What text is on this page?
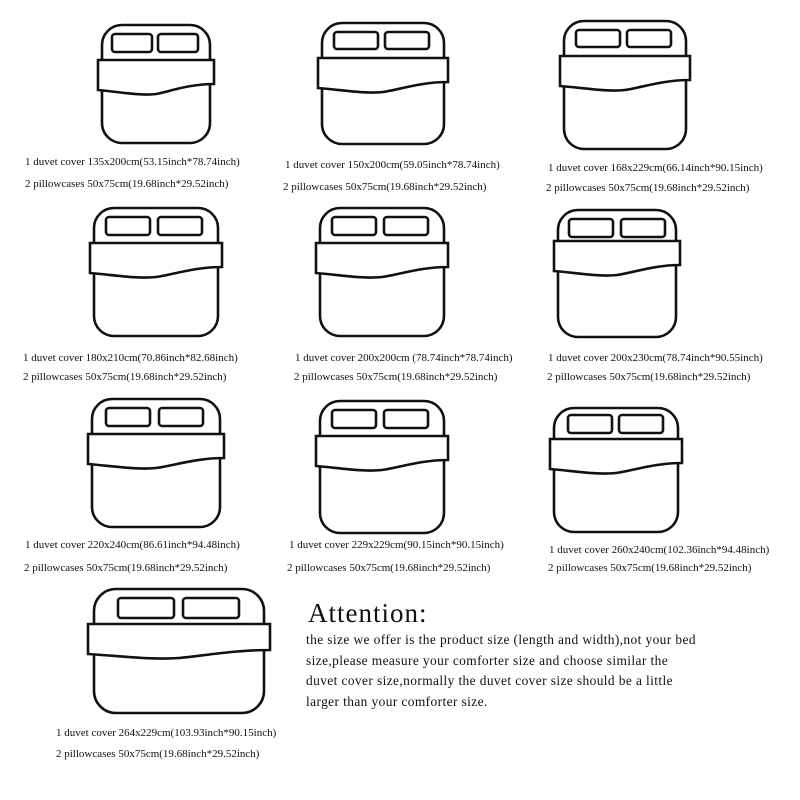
1 duvet cover 135x200cm(53.15inch*78.74inch)
2 pillowcases 50x75cm(19.68inch*29.52inch)
1 duvet cover 150x200cm(59.05inch*78.74inch)
2 pillowcases 50x75cm(19.68inch*29.52inch)
1 duvet cover 168x229cm(66.14inch*90.15inch)
2 pillowcases 50x75cm(19.68inch*29.52inch)
1 duvet cover 180x210cm(70.86inch*82.68inch)
2 pillowcases 50x75cm(19.68inch*29.52inch)
1 duvet cover 200x200cm (78.74inch*78.74inch)
2 pillowcases 50x75cm(19.68inch*29.52inch)
1 duvet cover 200x230cm(78.74inch*90.55inch)
2 pillowcases 50x75cm(19.68inch*29.52inch)
1 duvet cover 220x240cm(86.61inch*94.48inch)
2 pillowcases 50x75cm(19.68inch*29.52inch)
1 duvet cover 229x229cm(90.15inch*90.15inch)
2 pillowcases 50x75cm(19.68inch*29.52inch)
1 duvet cover 260x240cm(102.36inch*94.48inch)
2 pillowcases 50x75cm(19.68inch*29.52inch)
1 duvet cover 264x229cm(103.93inch*90.15inch)
2 pillowcases 50x75cm(19.68inch*29.52inch)
Attention:
the size we offer is the product size (length and width),not your bed
size,please measure your comforter size and choose similar the
duvet cover size,normally the duvet cover size should be a little
larger than your comforter size.
